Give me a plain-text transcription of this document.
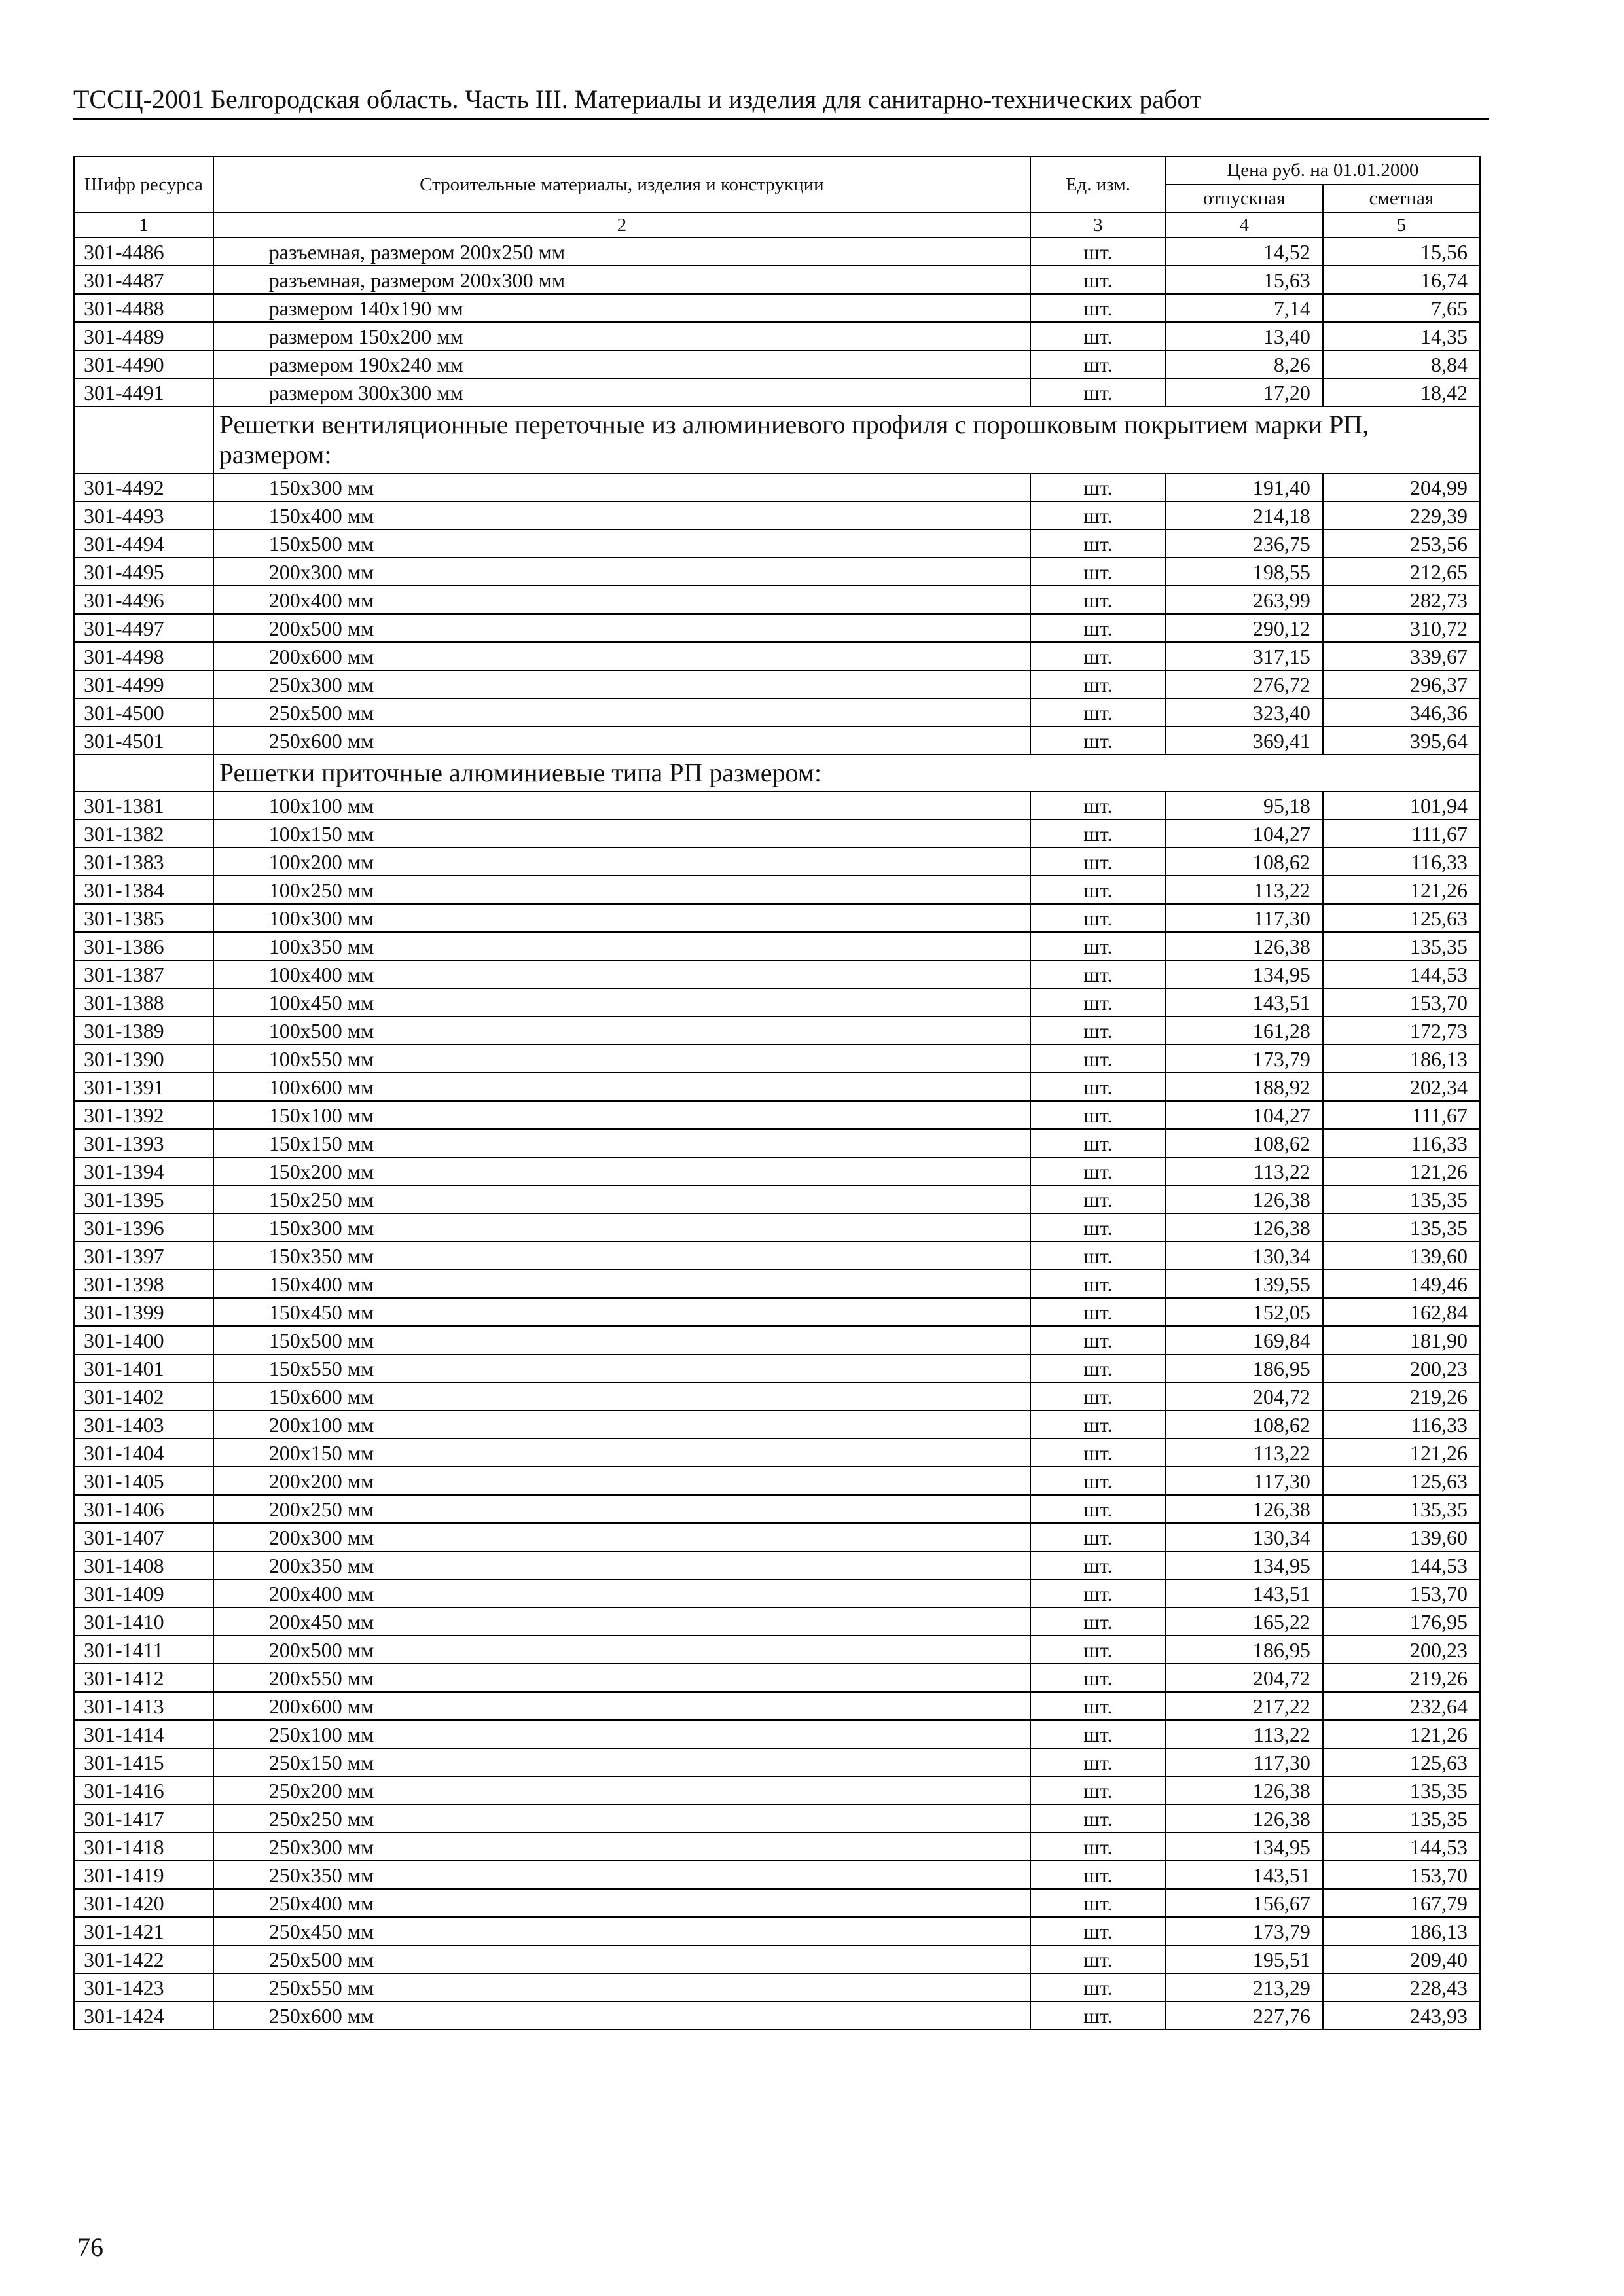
ТССЦ-2001 Белгородская область. Часть III. Материалы и изделия для санитарно-технических работ
Шифр ресурса	Строительные материалы, изделия и конструкции	Ед. изм.	Цена руб. на 01.01.2000	
			отпускная	сметная
1	2	3	4	5
301-4486	разъемная, размером 200х250 мм	шт.	14,52	15,56
301-4487	разъемная, размером 200х300 мм	шт.	15,63	16,74
301-4488	размером 140х190 мм	шт.	7,14	7,65
301-4489	размером 150х200 мм	шт.	13,40	14,35
301-4490	размером 190х240 мм	шт.	8,26	8,84
301-4491	размером 300х300 мм	шт.	17,20	18,42
	Решетки вентиляционные переточные из алюминиевого профиля с порошковым покрытием марки РП, размером:			
301-4492	150х300 мм	шт.	191,40	204,99
301-4493	150х400 мм	шт.	214,18	229,39
301-4494	150х500 мм	шт.	236,75	253,56
301-4495	200х300 мм	шт.	198,55	212,65
301-4496	200х400 мм	шт.	263,99	282,73
301-4497	200х500 мм	шт.	290,12	310,72
301-4498	200х600 мм	шт.	317,15	339,67
301-4499	250х300 мм	шт.	276,72	296,37
301-4500	250х500 мм	шт.	323,40	346,36
301-4501	250х600 мм	шт.	369,41	395,64
	Решетки приточные алюминиевые типа РП размером:			
301-1381	100х100 мм	шт.	95,18	101,94
301-1382	100х150 мм	шт.	104,27	111,67
301-1383	100х200 мм	шт.	108,62	116,33
301-1384	100х250 мм	шт.	113,22	121,26
301-1385	100х300 мм	шт.	117,30	125,63
301-1386	100х350 мм	шт.	126,38	135,35
301-1387	100х400 мм	шт.	134,95	144,53
301-1388	100х450 мм	шт.	143,51	153,70
301-1389	100х500 мм	шт.	161,28	172,73
301-1390	100х550 мм	шт.	173,79	186,13
301-1391	100х600 мм	шт.	188,92	202,34
301-1392	150х100 мм	шт.	104,27	111,67
301-1393	150х150 мм	шт.	108,62	116,33
301-1394	150х200 мм	шт.	113,22	121,26
301-1395	150х250 мм	шт.	126,38	135,35
301-1396	150х300 мм	шт.	126,38	135,35
301-1397	150х350 мм	шт.	130,34	139,60
301-1398	150х400 мм	шт.	139,55	149,46
301-1399	150х450 мм	шт.	152,05	162,84
301-1400	150х500 мм	шт.	169,84	181,90
301-1401	150х550 мм	шт.	186,95	200,23
301-1402	150х600 мм	шт.	204,72	219,26
301-1403	200х100 мм	шт.	108,62	116,33
301-1404	200х150 мм	шт.	113,22	121,26
301-1405	200х200 мм	шт.	117,30	125,63
301-1406	200х250 мм	шт.	126,38	135,35
301-1407	200х300 мм	шт.	130,34	139,60
301-1408	200х350 мм	шт.	134,95	144,53
301-1409	200х400 мм	шт.	143,51	153,70
301-1410	200х450 мм	шт.	165,22	176,95
301-1411	200х500 мм	шт.	186,95	200,23
301-1412	200х550 мм	шт.	204,72	219,26
301-1413	200х600 мм	шт.	217,22	232,64
301-1414	250х100 мм	шт.	113,22	121,26
301-1415	250х150 мм	шт.	117,30	125,63
301-1416	250х200 мм	шт.	126,38	135,35
301-1417	250х250 мм	шт.	126,38	135,35
301-1418	250х300 мм	шт.	134,95	144,53
301-1419	250х350 мм	шт.	143,51	153,70
301-1420	250х400 мм	шт.	156,67	167,79
301-1421	250х450 мм	шт.	173,79	186,13
301-1422	250х500 мм	шт.	195,51	209,40
301-1423	250х550 мм	шт.	213,29	228,43
301-1424	250х600 мм	шт.	227,76	243,93
76
